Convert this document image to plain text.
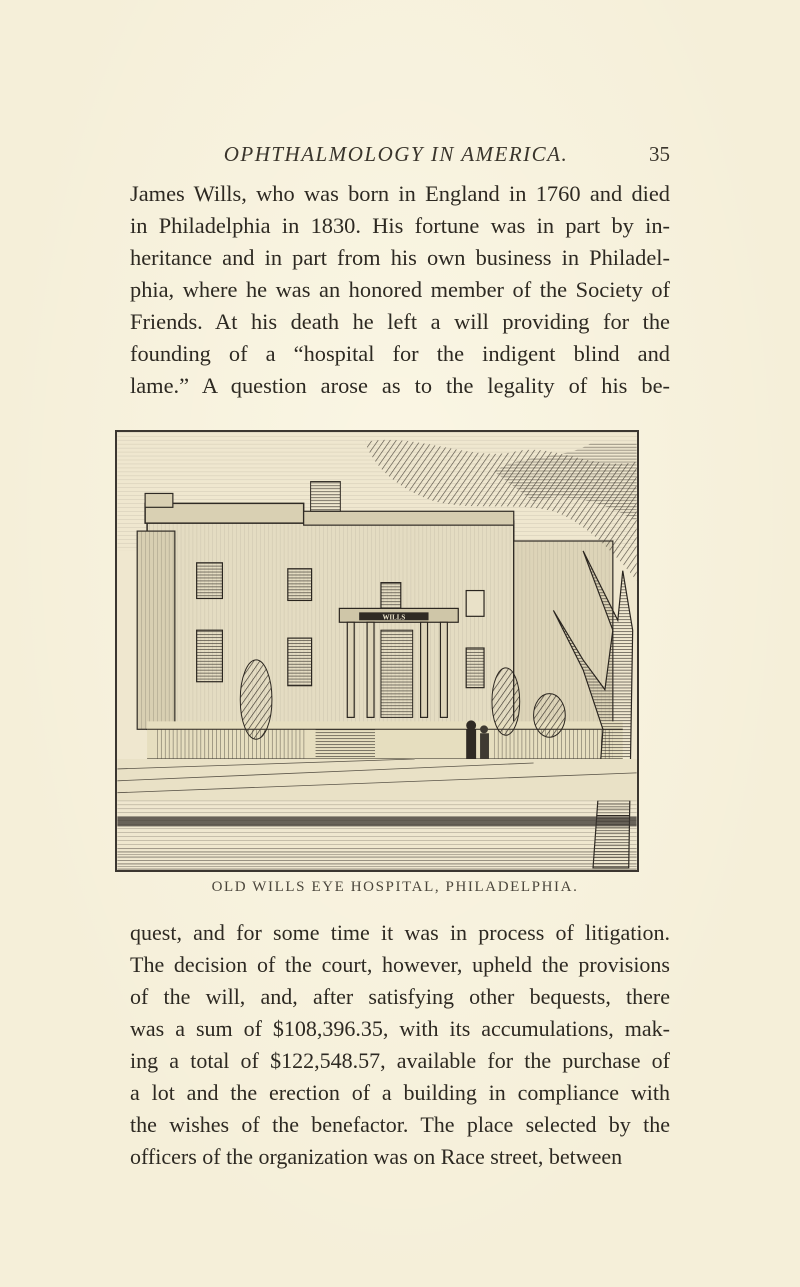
OPHTHALMOLOGY IN AMERICA.	35
James Wills, who was born in England in 1760 and died
in Philadelphia in 1830. His fortune was in part by in-
heritance and in part from his own business in Philadel-
phia, where he was an honored member of the Society of
Friends. At his death he left a will providing for the
founding of a “hospital for the indigent blind and
lame.” A question arose as to the legality of his be-
WILLS
OLD WILLS EYE HOSPITAL, PHILADELPHIA.
quest, and for some time it was in process of litigation.
The decision of the court, however, upheld the provisions
of the will, and, after satisfying other bequests, there
was a sum of $108,396.35, with its accumulations, mak-
ing a total of $122,548.57, available for the purchase of
a lot and the erection of a building in compliance with
the wishes of the benefactor. The place selected by the
officers of the organization was on Race street, between
